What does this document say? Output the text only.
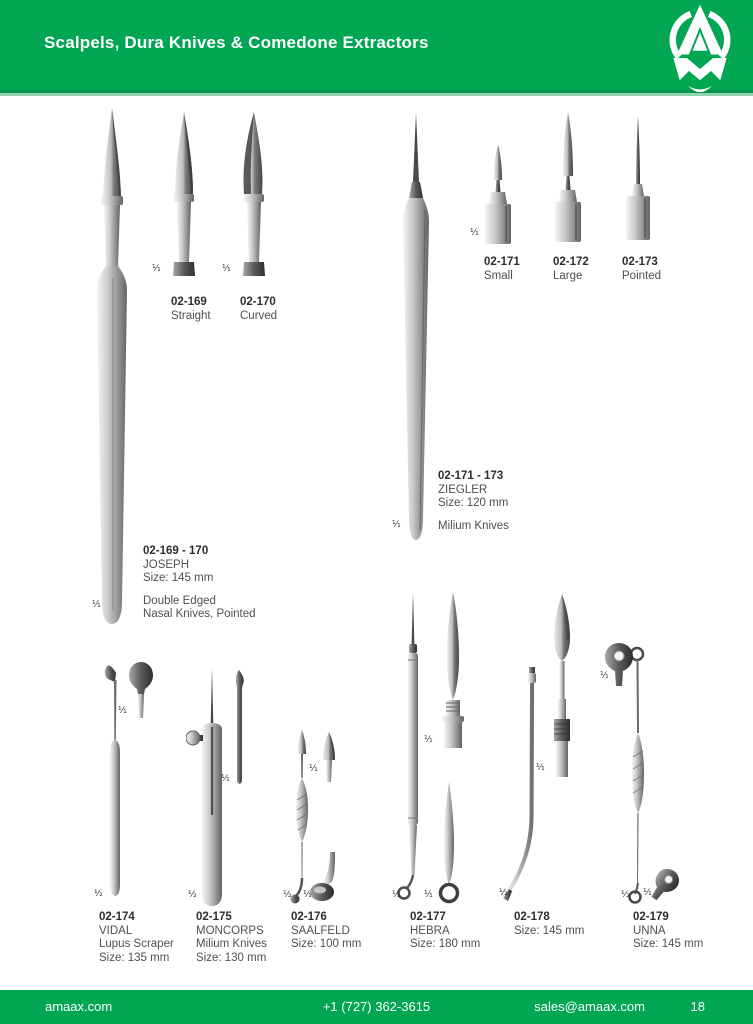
Scalpels, Dura Knives & Comedone Extractors
¹⁄₁	¹⁄₁
¹⁄₁
02-169
Straight
02-170
Curved
02-169 - 170
JOSEPH
Size: 145 mm
Double Edged
Nasal Knives, Pointed
¹⁄₁
¹⁄₁
02-171
Small
02-172
Large
02-173
Pointed
02-171 - 173
ZIEGLER
Size: 120 mm
Milium Knives
¹⁄₁
½
¹⁄₁
½
¹⁄₁
½ ¹⁄₁
¹⁄₁
½	¹⁄₁
¹⁄₁
½
¹⁄₁
½ ¹⁄₁
02-174
VIDAL
Lupus Scraper
Size: 135 mm
02-175
MONCORPS
Milium Knives
Size: 130 mm
02-176
SAALFELD
Size: 100 mm
02-177
HEBRA
Size: 180 mm
02-178
Size: 145 mm
02-179
UNNA
Size: 145 mm
amaax.com	+1 (727) 362-3615	sales@amaax.com	18
